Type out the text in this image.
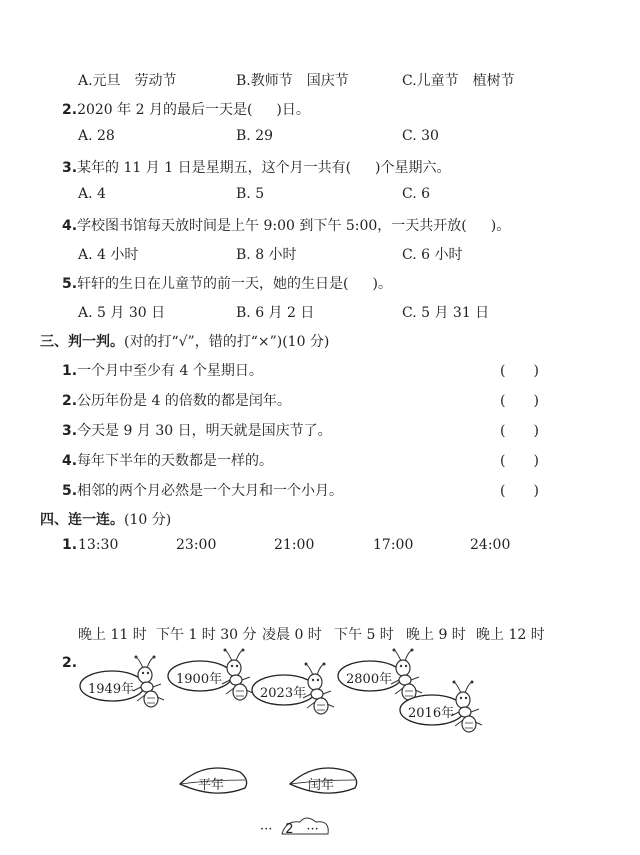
A.元旦　劳动节	B.教师节　国庆节	C.儿童节　植树节
2.2020 年 2 月的最后一天是( )日。
A. 28	B. 29	C. 30
3.某年的 11 月 1 日是星期五，这个月一共有( )个星期六。
A. 4	B. 5	C. 6
4.学校图书馆每天放时间是上午 9:00 到下午 5:00，一天共开放( )。
A. 4 小时	B. 8 小时	C. 6 小时
5.轩轩的生日在儿童节的前一天，她的生日是( )。
A. 5 月 30 日	B. 6 月 2 日	C. 5 月 31 日
三、判一判。(对的打“√”，错的打“×”)(10 分)
1.一个月中至少有 4 个星期日。	(　　)
2.公历年份是 4 的倍数的都是闰年。	(　　)
3.今天是 9 月 30 日，明天就是国庆节了。	(　　)
4.每年下半年的天数都是一样的。	(　　)
5.相邻的两个月必然是一个大月和一个小月。	(　　)
四、连一连。(10 分)
1. 13:30	23:00	21:00	17:00	24:00
晚上 11 时 下午 1 时 30 分 凌晨 0 时 下午 5 时 晚上 9 时 晚上 12 时
2.
1949年
1900年
2023年
2800年
2016年
平年	闰年
··· 2 ···
